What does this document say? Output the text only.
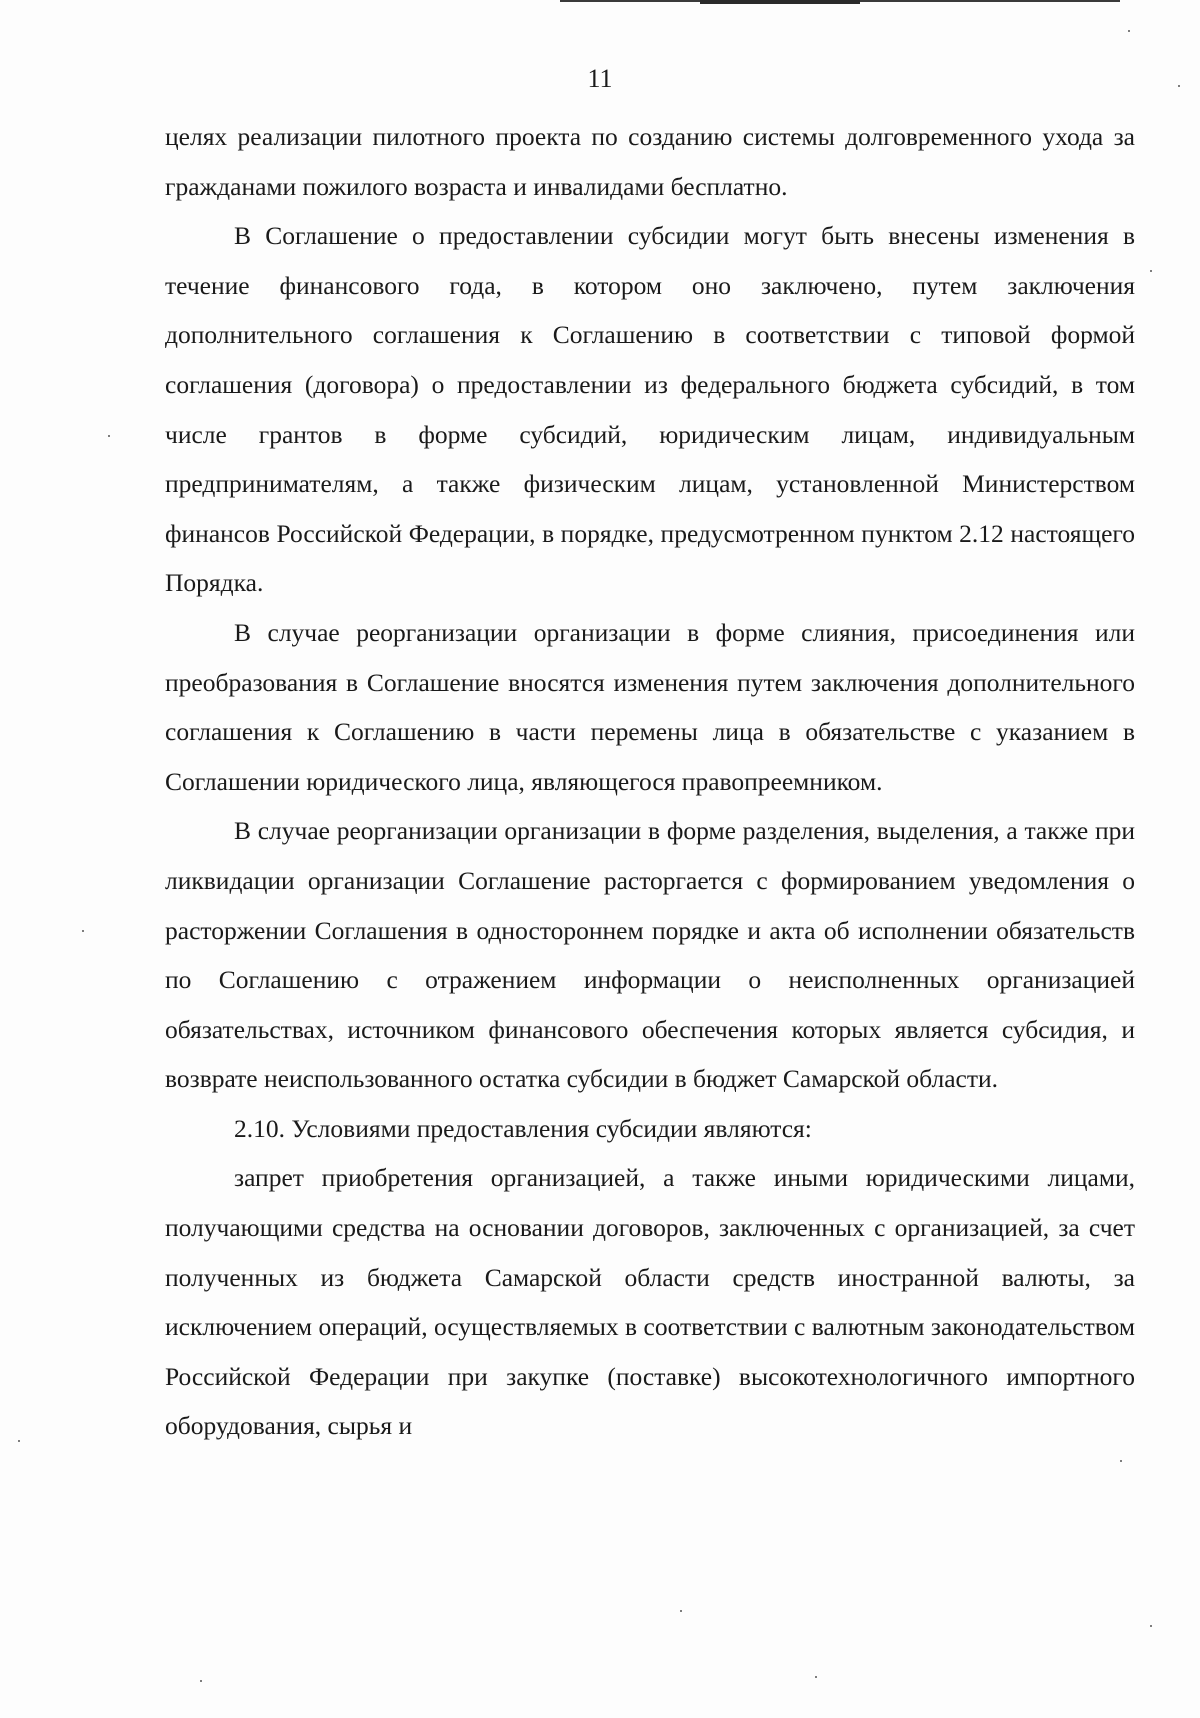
11

целях реализации пилотного проекта по созданию системы долговременного ухода за гражданами пожилого возраста и инвалидами бесплатно.

В Соглашение о предоставлении субсидии могут быть внесены изменения в течение финансового года, в котором оно заключено, путем заключения дополнительного соглашения к Соглашению в соответствии с типовой формой соглашения (договора) о предоставлении из федерального бюджета субсидий, в том числе грантов в форме субсидий, юридическим лицам, индивидуальным предпринимателям, а также физическим лицам, установленной Министерством финансов Российской Федерации, в порядке, предусмотренном пунктом 2.12 настоящего Порядка.

В случае реорганизации организации в форме слияния, присоединения или преобразования в Соглашение вносятся изменения путем заключения дополнительного соглашения к Соглашению в части перемены лица в обязательстве с указанием в Соглашении юридического лица, являющегося правопреемником.

В случае реорганизации организации в форме разделения, выделения, а также при ликвидации организации Соглашение расторгается с формированием уведомления о расторжении Соглашения в одностороннем порядке и акта об исполнении обязательств по Соглашению с отражением информации о неисполненных организацией обязательствах, источником финансового обеспечения которых является субсидия, и возврате неиспользованного остатка субсидии в бюджет Самарской области.

2.10. Условиями предоставления субсидии являются:

запрет приобретения организацией, а также иными юридическими лицами, получающими средства на основании договоров, заключенных с организацией, за счет полученных из бюджета Самарской области средств иностранной валюты, за исключением операций, осуществляемых в соответствии с валютным законодательством Российской Федерации при закупке (поставке) высокотехнологичного импортного оборудования, сырья и
